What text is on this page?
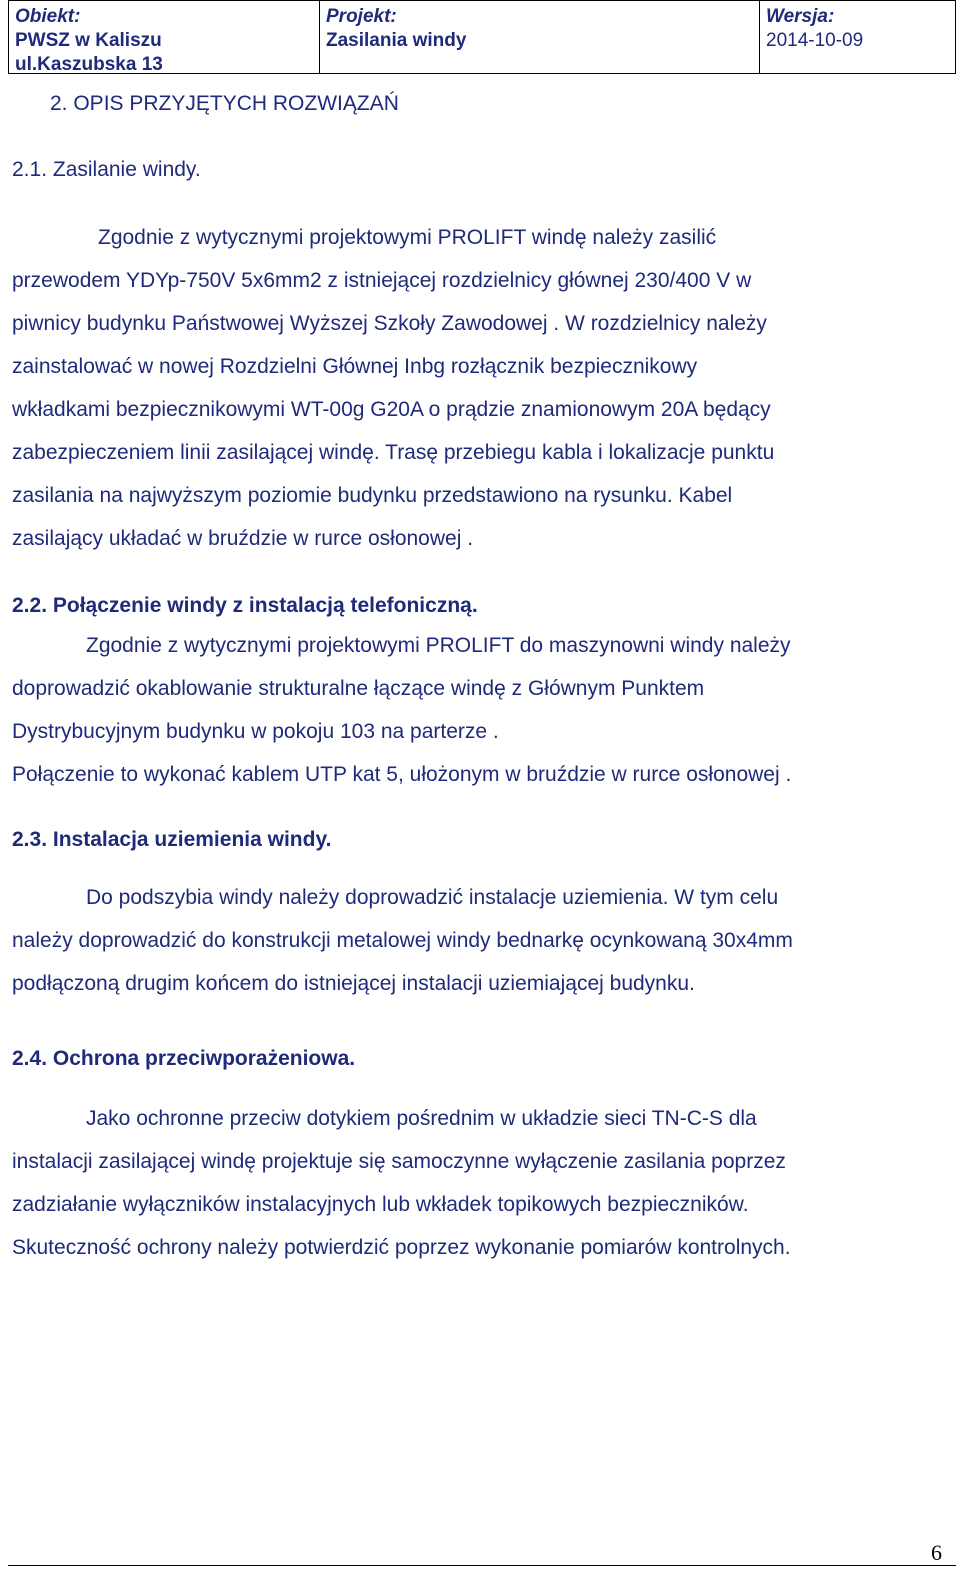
Obiekt:
PWSZ w Kaliszu
ul.Kaszubska 13
Projekt:
Zasilania windy
Wersja:
2014-10-09
2. OPIS PRZYJĘTYCH ROZWIĄZAŃ
2.1. Zasilanie windy.
Zgodnie z wytycznymi projektowymi PROLIFT windę należy zasilić
przewodem YDYp-750V 5x6mm2 z istniejącej rozdzielnicy głównej 230/400 V w
piwnicy budynku Państwowej Wyższej Szkoły Zawodowej . W rozdzielnicy należy
zainstalować w nowej Rozdzielni Głównej Inbg rozłącznik bezpiecznikowy
wkładkami bezpiecznikowymi WT-00g G20A o prądzie znamionowym 20A będący
zabezpieczeniem linii zasilającej windę. Trasę przebiegu kabla i lokalizacje punktu
zasilania na najwyższym poziomie budynku przedstawiono na rysunku. Kabel
zasilający układać w bruździe w rurce osłonowej .
2.2. Połączenie windy z instalacją telefoniczną.
Zgodnie z wytycznymi projektowymi PROLIFT do maszynowni windy należy
doprowadzić okablowanie strukturalne łączące windę z Głównym Punktem
Dystrybucyjnym budynku w pokoju 103 na parterze .
Połączenie to wykonać kablem UTP kat 5, ułożonym w bruździe w rurce osłonowej .
2.3. Instalacja uziemienia windy.
Do podszybia windy należy doprowadzić instalacje uziemienia. W tym celu
należy doprowadzić do konstrukcji metalowej windy bednarkę ocynkowaną 30x4mm
podłączoną drugim końcem do istniejącej instalacji uziemiającej budynku.
2.4. Ochrona przeciwporażeniowa.
Jako ochronne przeciw dotykiem pośrednim w układzie sieci TN-C-S dla
instalacji zasilającej windę projektuje się samoczynne wyłączenie zasilania poprzez
zadziałanie wyłączników instalacyjnych lub wkładek topikowych bezpieczników.
Skuteczność ochrony należy potwierdzić poprzez wykonanie pomiarów kontrolnych.
6
